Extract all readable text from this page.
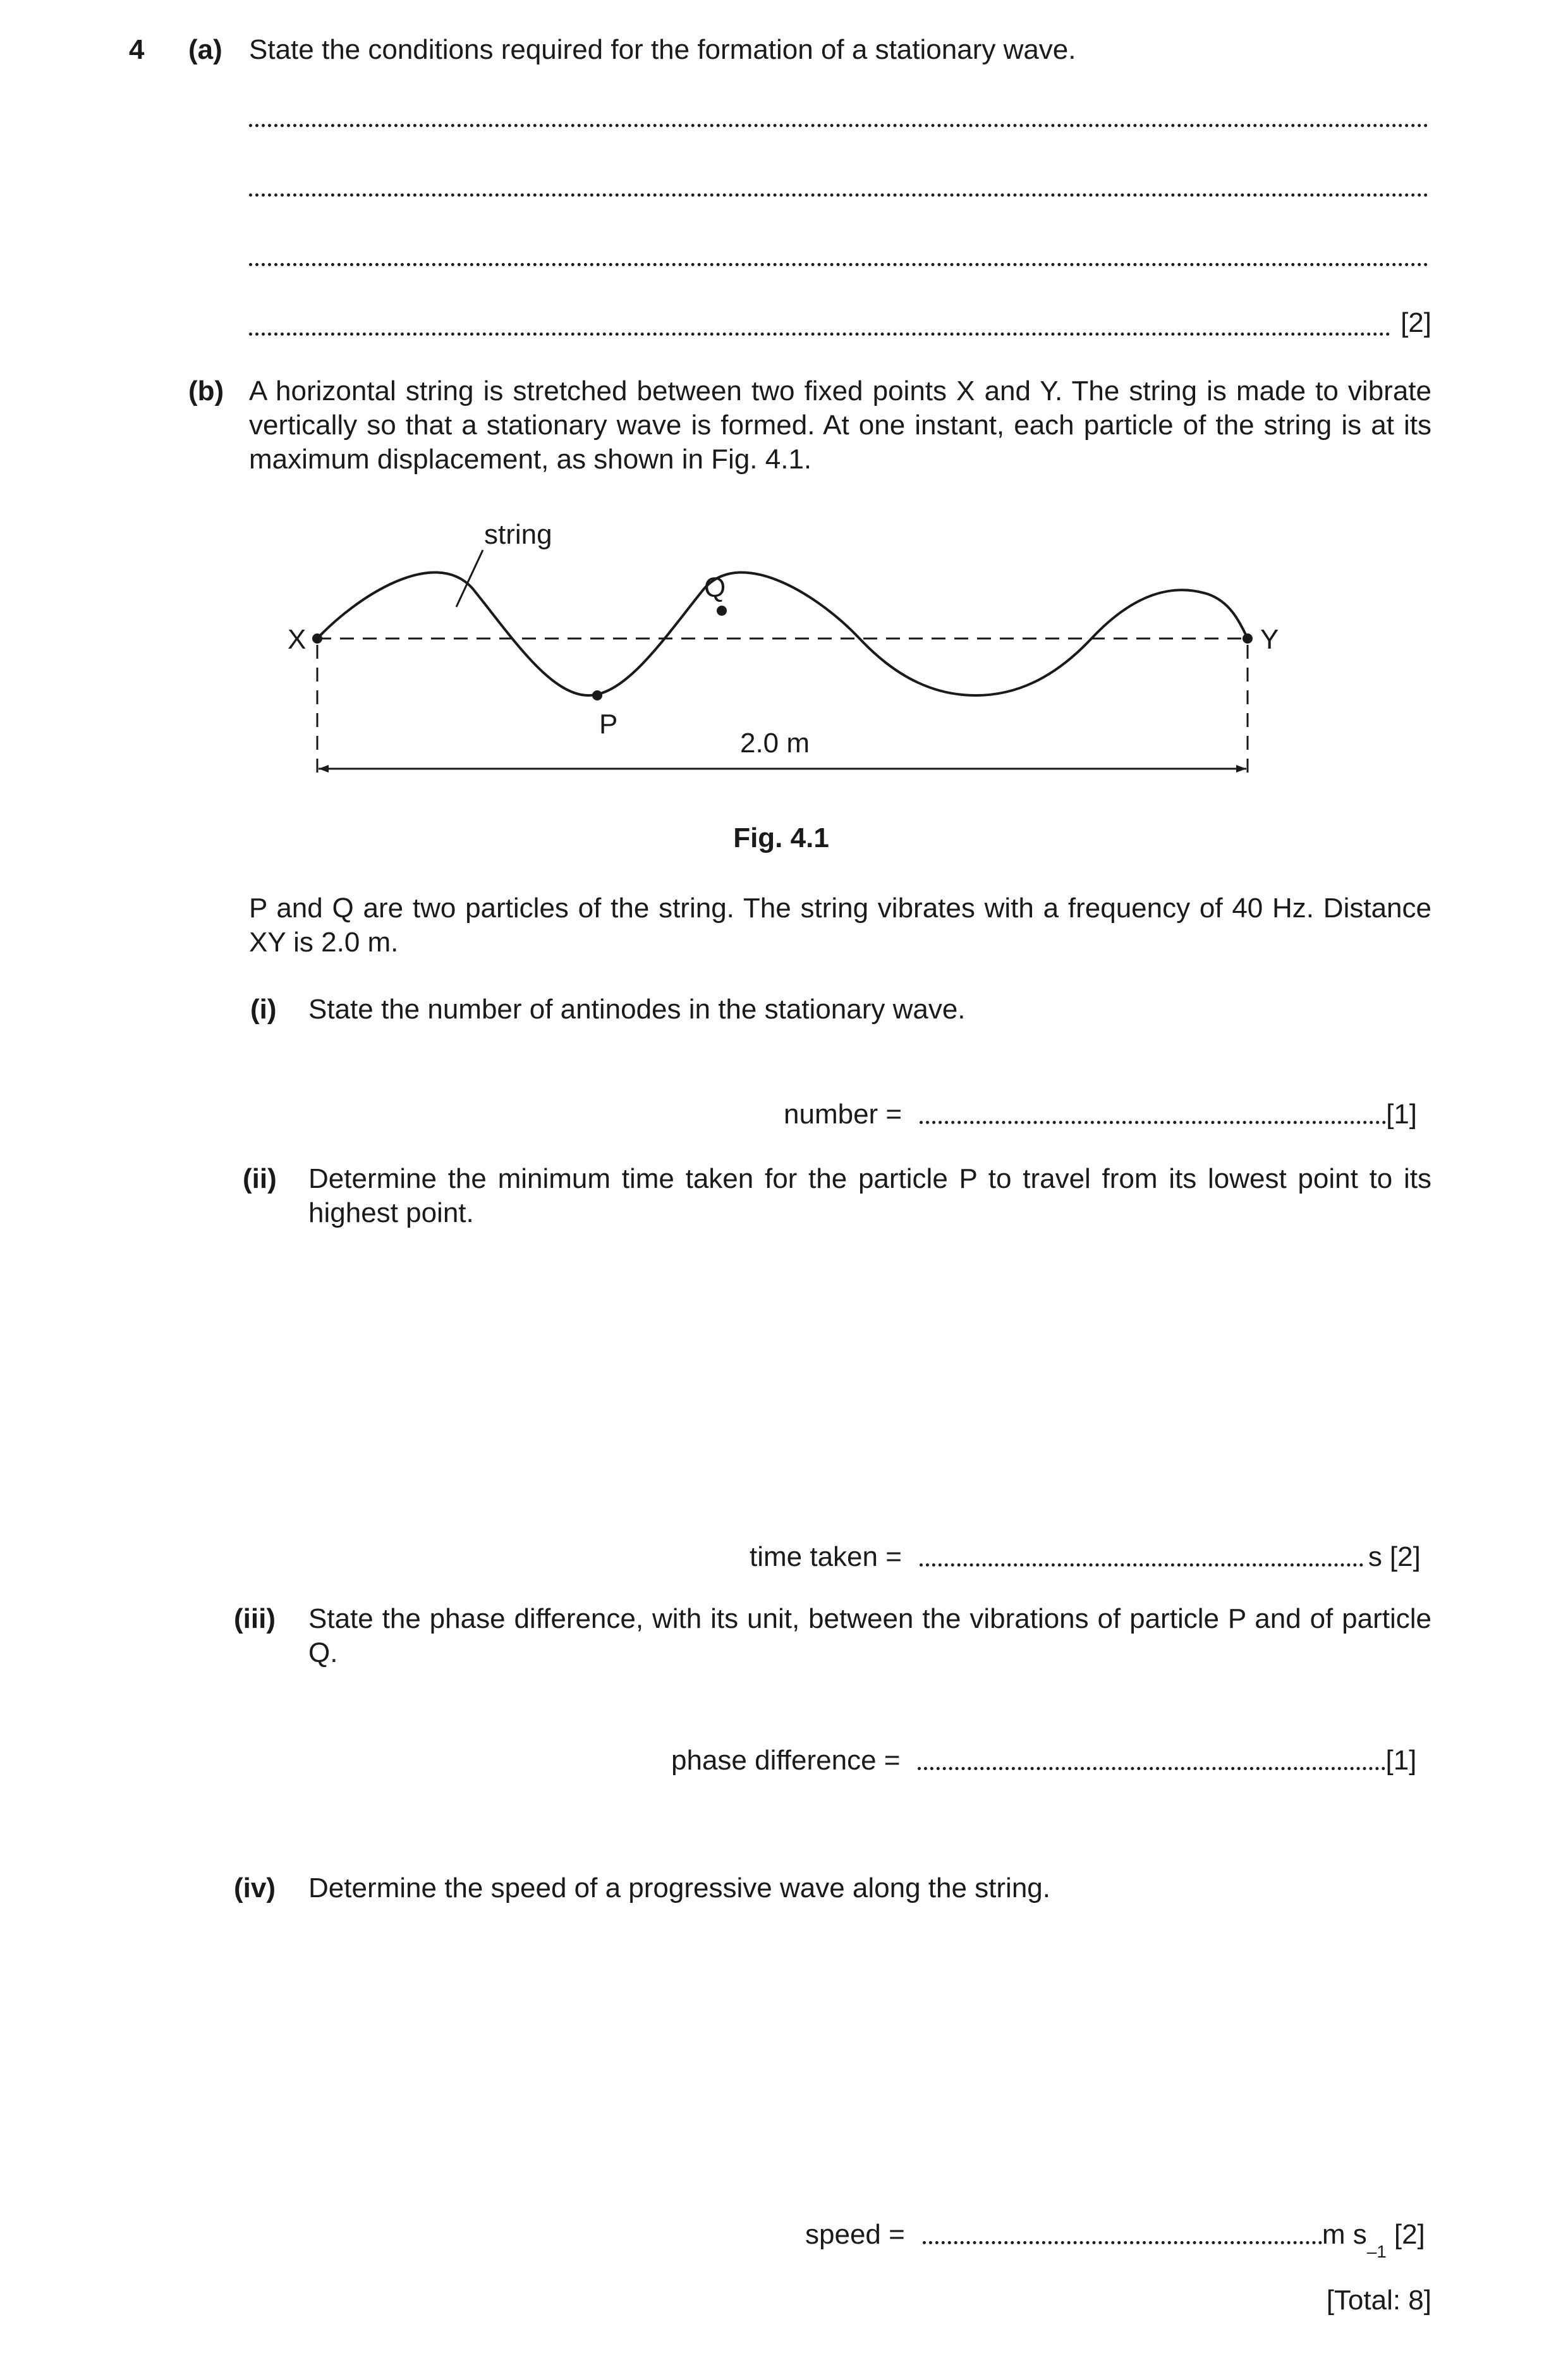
4 (a) State the conditions required for the formation of a stationary wave.
[2]
(b) A horizontal string is stretched between two fixed points X and Y. The string is made to vibrate vertically so that a stationary wave is formed. At one instant, each particle of the string is at its maximum displacement, as shown in Fig. 4.1.
string
X	Y
P
Q
2.0 m
Fig. 4.1
P and Q are two particles of the string. The string vibrates with a frequency of 40 Hz. Distance XY is 2.0 m.
(i) State the number of antinodes in the stationary wave.
number =	[1]
(ii) Determine the minimum time taken for the particle P to travel from its lowest point to its highest point.
time taken =	s [2]
(iii) State the phase difference, with its unit, between the vibrations of particle P and of particle Q.
phase difference =	[1]
(iv) Determine the speed of a progressive wave along the string.
speed =	m s
–1
[2]
[Total: 8]
